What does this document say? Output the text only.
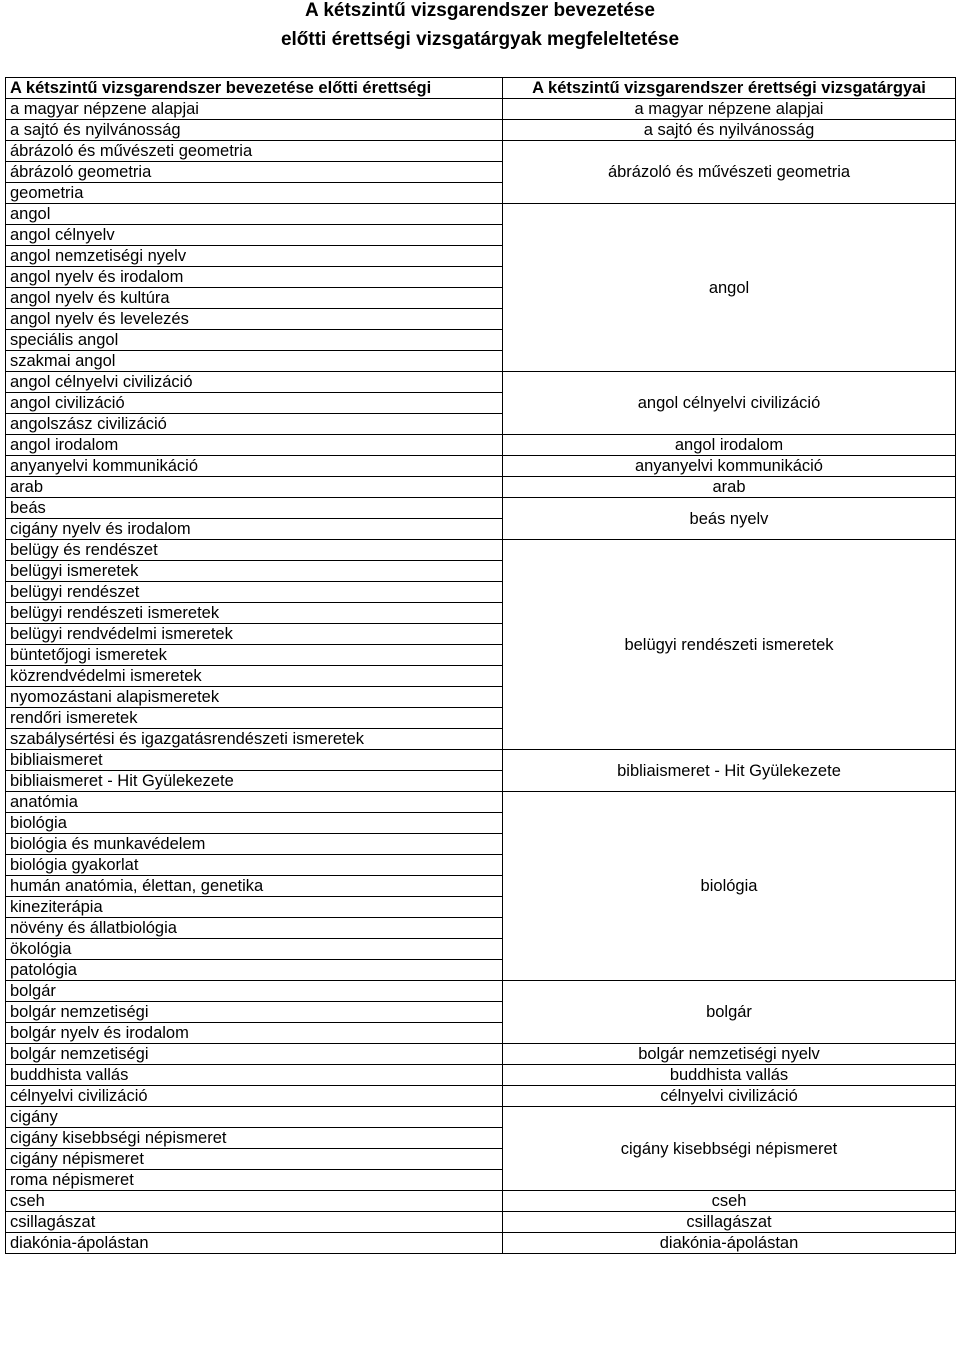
A kétszintű vizsgarendszer bevezetése
előtti érettségi vizsgatárgyak megfeleltetése
A kétszintű vizsgarendszer bevezetése előtti érettségi	A kétszintű vizsgarendszer érettségi vizsgatárgyai
a magyar népzene alapjai	a magyar népzene alapjai
a sajtó és nyilvánosság	a sajtó és nyilvánosság
ábrázoló és művészeti geometria	ábrázoló és művészeti geometria
ábrázoló geometria	
geometria	
angol	angol
angol célnyelv	
angol nemzetiségi nyelv	
angol nyelv és irodalom	
angol nyelv és kultúra	
angol nyelv és levelezés	
speciális angol	
szakmai angol	
angol célnyelvi civilizáció	angol célnyelvi civilizáció
angol civilizáció	
angolszász civilizáció	
angol irodalom	angol irodalom
anyanyelvi kommunikáció	anyanyelvi kommunikáció
arab	arab
beás	beás nyelv
cigány nyelv és irodalom	
belügy és rendészet	belügyi rendészeti ismeretek
belügyi ismeretek	
belügyi rendészet	
belügyi rendészeti ismeretek	
belügyi rendvédelmi ismeretek	
büntetőjogi ismeretek	
közrendvédelmi ismeretek	
nyomozástani alapismeretek	
rendőri ismeretek	
szabálysértési és igazgatásrendészeti ismeretek	
bibliaismeret	bibliaismeret - Hit Gyülekezete
bibliaismeret - Hit Gyülekezete	
anatómia	biológia
biológia	
biológia és munkavédelem	
biológia gyakorlat	
humán anatómia, élettan, genetika	
kineziterápia	
növény és állatbiológia	
ökológia	
patológia	
bolgár	bolgár
bolgár nemzetiségi	
bolgár nyelv és irodalom	
bolgár nemzetiségi	bolgár nemzetiségi nyelv
buddhista vallás	buddhista vallás
célnyelvi civilizáció	célnyelvi civilizáció
cigány	cigány kisebbségi népismeret
cigány kisebbségi népismeret	
cigány népismeret	
roma népismeret	
cseh	cseh
csillagászat	csillagászat
diakónia-ápolástan	diakónia-ápolástan
